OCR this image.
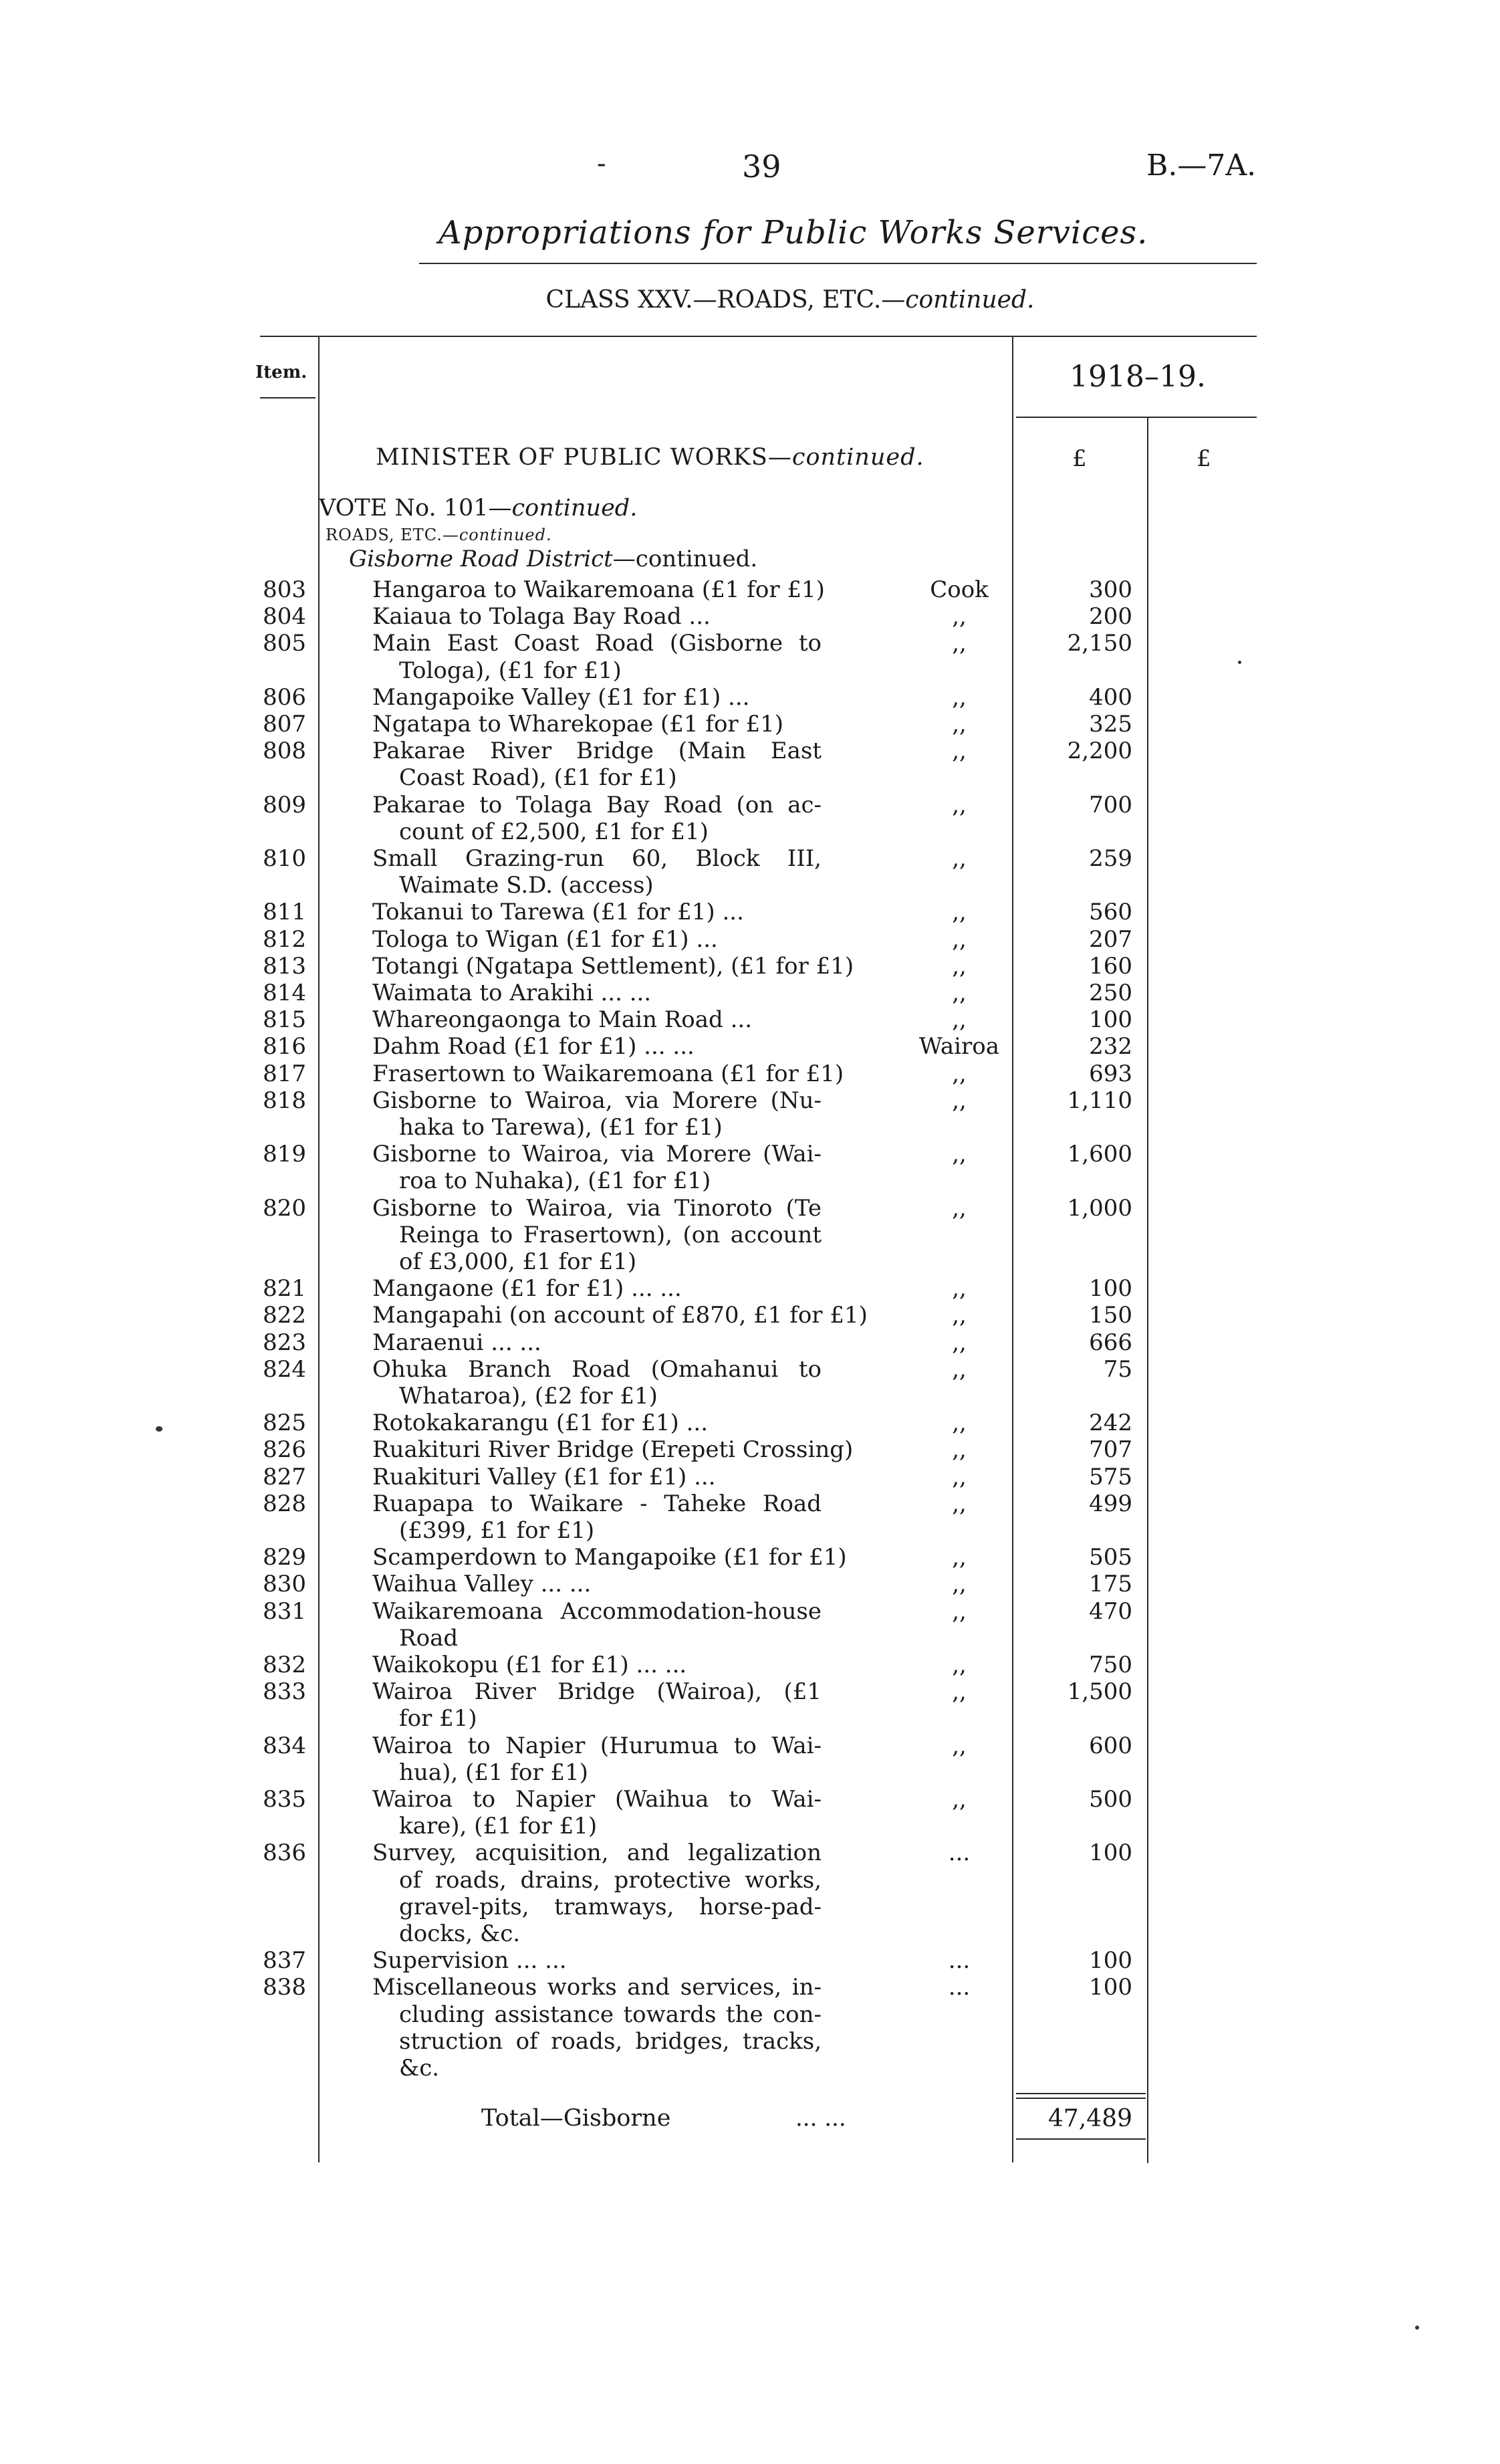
-	39	B.—7A.
Appropriations for Public Works Services.
CLASS XXV.—ROADS, ETC.—continued.
Item.	1918–19.
MINISTER OF PUBLIC WORKS—continued.	£	£
VOTE No. 101—continued.
ROADS, ETC.—continued.
Gisborne Road District—continued.
803	Hangaroa to Waikaremoana (£1 for £1)	Cook	300
804	Kaiaua to Tolaga Bay Road ...	,,	200
805	Main East Coast Road (Gisborne to	,,	2,150
Tologa), (£1 for £1)
806	Mangapoike Valley (£1 for £1) ...	,,	400
807	Ngatapa to Wharekopae (£1 for £1)	,,	325
808	Pakarae River Bridge (Main East	,,	2,200
Coast Road), (£1 for £1)
809	Pakarae to Tolaga Bay Road (on ac-	,,	700
count of £2,500, £1 for £1)
810	Small Grazing-run 60, Block III,	,,	259
Waimate S.D. (access)
811	Tokanui to Tarewa (£1 for £1) ...	,,	560
812	Tologa to Wigan (£1 for £1) ...	,,	207
813	Totangi (Ngatapa Settlement), (£1 for £1)	,,	160
814	Waimata to Arakihi ... ...	,,	250
815	Whareongaonga to Main Road ...	,,	100
816	Dahm Road (£1 for £1) ... ...	Wairoa	232
817	Frasertown to Waikaremoana (£1 for £1)	,,	693
818	Gisborne to Wairoa, via Morere (Nu-	,,	1,110
haka to Tarewa), (£1 for £1)
819	Gisborne to Wairoa, via Morere (Wai-	,,	1,600
roa to Nuhaka), (£1 for £1)
820	Gisborne to Wairoa, via Tinoroto (Te	,,	1,000
Reinga to Frasertown), (on account
of £3,000, £1 for £1)
821	Mangaone (£1 for £1) ... ...	,,	100
822	Mangapahi (on account of £870, £1 for £1)	,,	150
823	Maraenui ... ...	,,	666
824	Ohuka Branch Road (Omahanui to	,,	75
Whataroa), (£2 for £1)
825	Rotokakarangu (£1 for £1) ...	,,	242
826	Ruakituri River Bridge (Erepeti Crossing)	,,	707
827	Ruakituri Valley (£1 for £1) ...	,,	575
828	Ruapapa to Waikare - Taheke Road	,,	499
(£399, £1 for £1)
829	Scamperdown to Mangapoike (£1 for £1)	,,	505
830	Waihua Valley ... ...	,,	175
831	Waikaremoana Accommodation-house	,,	470
Road
832	Waikokopu (£1 for £1) ... ...	,,	750
833	Wairoa River Bridge (Wairoa), (£1	,,	1,500
for £1)
834	Wairoa to Napier (Hurumua to Wai-	,,	600
hua), (£1 for £1)
835	Wairoa to Napier (Waihua to Wai-	,,	500
kare), (£1 for £1)
836	Survey, acquisition, and legalization	...	100
of roads, drains, protective works,
gravel-pits, tramways, horse-pad-
docks, &c.
837	Supervision ... ...	...	100
838	Miscellaneous works and services, in-	...	100
cluding assistance towards the con-
struction of roads, bridges, tracks,
&c.
Total—Gisborne	... ...	47,489
